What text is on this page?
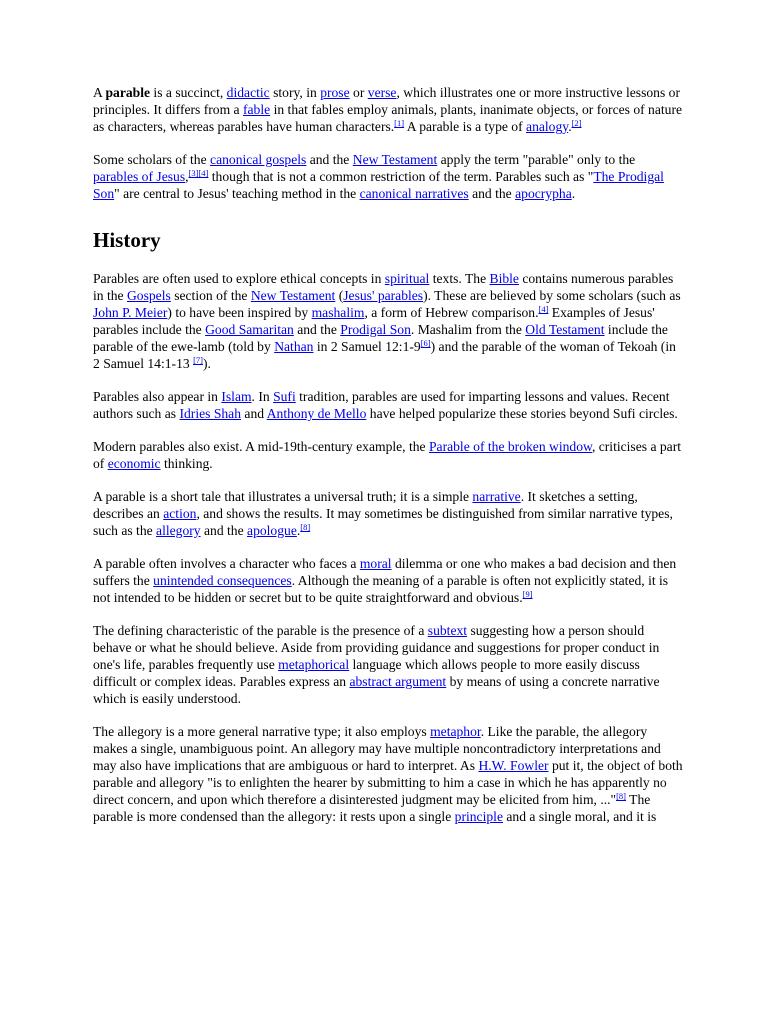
A parable is a succinct, didactic story, in prose or verse, which illustrates one or more instructive lessons or principles. It differs from a fable in that fables employ animals, plants, inanimate objects, or forces of nature as characters, whereas parables have human characters.[1] A parable is a type of analogy.[2]

Some scholars of the canonical gospels and the New Testament apply the term "parable" only to the parables of Jesus,[3][4] though that is not a common restriction of the term. Parables such as "The Prodigal Son" are central to Jesus' teaching method in the canonical narratives and the apocrypha.

History

Parables are often used to explore ethical concepts in spiritual texts. The Bible contains numerous parables in the Gospels section of the New Testament (Jesus' parables). These are believed by some scholars (such as John P. Meier) to have been inspired by mashalim, a form of Hebrew comparison.[4] Examples of Jesus' parables include the Good Samaritan and the Prodigal Son. Mashalim from the Old Testament include the parable of the ewe-lamb (told by Nathan in 2 Samuel 12:1-9[6]) and the parable of the woman of Tekoah (in 2 Samuel 14:1-13 [7]).

Parables also appear in Islam. In Sufi tradition, parables are used for imparting lessons and values. Recent authors such as Idries Shah and Anthony de Mello have helped popularize these stories beyond Sufi circles.

Modern parables also exist. A mid-19th-century example, the Parable of the broken window, criticises a part of economic thinking.

A parable is a short tale that illustrates a universal truth; it is a simple narrative. It sketches a setting, describes an action, and shows the results. It may sometimes be distinguished from similar narrative types, such as the allegory and the apologue.[8]

A parable often involves a character who faces a moral dilemma or one who makes a bad decision and then suffers the unintended consequences. Although the meaning of a parable is often not explicitly stated, it is not intended to be hidden or secret but to be quite straightforward and obvious.[9]

The defining characteristic of the parable is the presence of a subtext suggesting how a person should behave or what he should believe. Aside from providing guidance and suggestions for proper conduct in one's life, parables frequently use metaphorical language which allows people to more easily discuss difficult or complex ideas. Parables express an abstract argument by means of using a concrete narrative which is easily understood.

The allegory is a more general narrative type; it also employs metaphor. Like the parable, the allegory makes a single, unambiguous point. An allegory may have multiple noncontradictory interpretations and may also have implications that are ambiguous or hard to interpret. As H.W. Fowler put it, the object of both parable and allegory "is to enlighten the hearer by submitting to him a case in which he has apparently no direct concern, and upon which therefore a disinterested judgment may be elicited from him, ..."[8] The parable is more condensed than the allegory: it rests upon a single principle and a single moral, and it is
